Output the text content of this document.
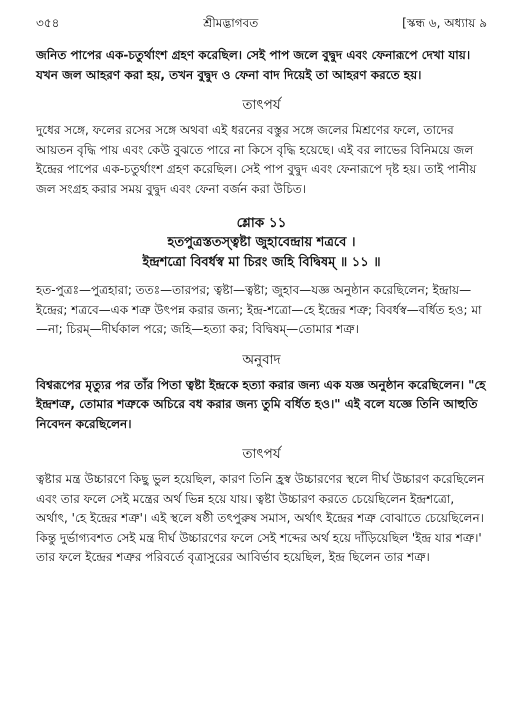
৩৫৪	শ্রীমদ্ভাগবত	[স্কন্ধ ৬, অধ্যায় ৯

জনিত পাপের এক-চতুর্থাংশ গ্রহণ করেছিল। সেই পাপ জলে বুদ্বুদ এবং ফেনারূপে দেখা যায়। যখন জল আহরণ করা হয়, তখন বুদ্বুদ ও ফেনা বাদ দিয়েই তা আহরণ করতে হয়।

তাৎপর্য

দুধের সঙ্গে, ফলের রসের সঙ্গে অথবা এই ধরনের বস্তুর সঙ্গে জলের মিশ্রণের ফলে, তাদের আয়তন বৃদ্ধি পায় এবং কেউ বুঝতে পারে না কিসে বৃদ্ধি হয়েছে। এই বর লাভের বিনিময়ে জল ইন্দ্রের পাপের এক-চতুর্থাংশ গ্রহণ করেছিল। সেই পাপ বুদ্বুদ এবং ফেনারূপে দৃষ্ট হয়। তাই পানীয় জল সংগ্রহ করার সময় বুদ্বুদ এবং ফেনা বর্জন করা উচিত।

শ্লোক ১১
হতপুত্রস্ততস্ত্বষ্টা জুহাবেন্দ্রায় শত্রবে ।
ইন্দ্রশত্রো বিবর্ধস্ব মা চিরং জহি বিদ্বিষম্‌ ॥ ১১ ॥

হত-পুত্রঃ—পুত্রহারা; ততঃ—তারপর; ত্বষ্টা—ত্বষ্টা; জুহাব—যজ্ঞ অনুষ্ঠান করেছিলেন; ইন্দ্রায়—ইন্দ্রের; শত্রবে—এক শত্রু উৎপন্ন করার জন্য; ইন্দ্র-শত্রো—হে ইন্দ্রের শত্রু; বিবর্ধস্ব—বর্ধিত হও; মা—না; চিরম্‌—দীর্ঘকাল পরে; জহি—হত্যা কর; বিদ্বিষম্‌—তোমার শত্রু।

অনুবাদ

বিশ্বরূপের মৃত্যুর পর তাঁর পিতা ত্বষ্টা ইন্দ্রকে হত্যা করার জন্য এক যজ্ঞ অনুষ্ঠান করেছিলেন। "হে ইন্দ্রশত্রু, তোমার শত্রুকে অচিরে বধ করার জন্য তুমি বর্ধিত হও।" এই বলে যজ্ঞে তিনি আহুতি নিবেদন করেছিলেন।

তাৎপর্য

ত্বষ্টার মন্ত্র উচ্চারণে কিছু ভুল হয়েছিল, কারণ তিনি হ্রস্ব উচ্চারণের স্থলে দীর্ঘ উচ্চারণ করেছিলেন এবং তার ফলে সেই মন্ত্রের অর্থ ভিন্ন হয়ে যায়। ত্বষ্টা উচ্চারণ করতে চেয়েছিলেন ইন্দ্রশত্রো, অর্থাৎ, 'হে ইন্দ্রের শত্রু'। এই স্থলে ষষ্ঠী তৎপুরুষ সমাস, অর্থাৎ ইন্দ্রের শত্রু বোঝাতে চেয়েছিলেন। কিন্তু দুর্ভাগ্যবশত সেই মন্ত্র দীর্ঘ উচ্চারণের ফলে সেই শব্দের অর্থ হয়ে দাঁড়িয়েছিল 'ইন্দ্র যার শত্রু।' তার ফলে ইন্দ্রের শত্রুর পরিবর্তে বৃত্রাসুরের আবির্ভাব হয়েছিল, ইন্দ্র ছিলেন তার শত্রু।
